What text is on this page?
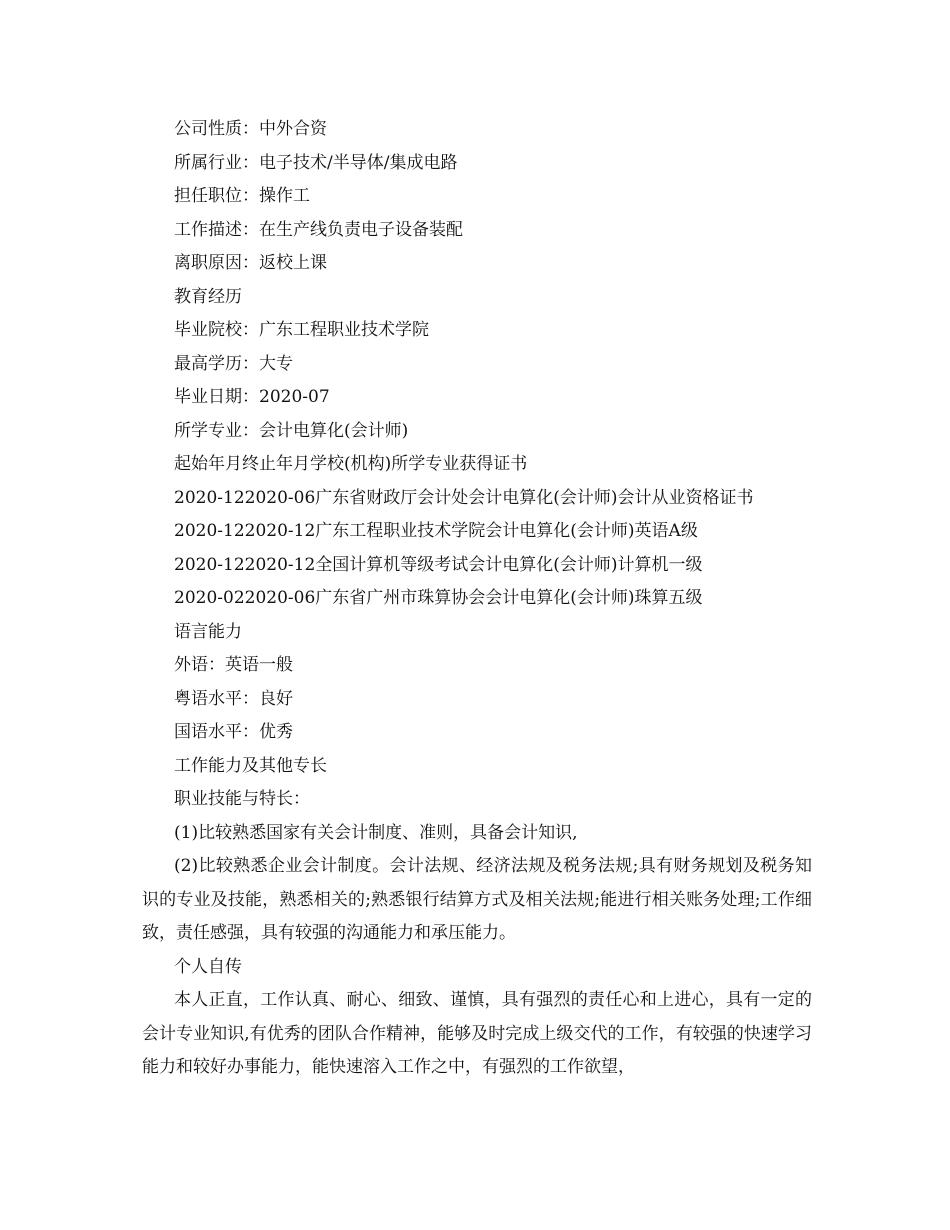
公司性质：中外合资
所属行业：电子技术/半导体/集成电路
担任职位：操作工
工作描述：在生产线负责电子设备装配
离职原因：返校上课
教育经历
毕业院校：广东工程职业技术学院
最高学历：大专
毕业日期：2020-07
所学专业：会计电算化(会计师)
起始年月终止年月学校(机构)所学专业获得证书
2020-122020-06广东省财政厅会计处会计电算化(会计师)会计从业资格证书
2020-122020-12广东工程职业技术学院会计电算化(会计师)英语A级
2020-122020-12全国计算机等级考试会计电算化(会计师)计算机一级
2020-022020-06广东省广州市珠算协会会计电算化(会计师)珠算五级
语言能力
外语：英语一般
粤语水平：良好
国语水平：优秀
工作能力及其他专长
职业技能与特长：
(1)比较熟悉国家有关会计制度、准则，具备会计知识,
(2)比较熟悉企业会计制度。会计法规、经济法规及税务法规;具有财务规划及税务知识的专业及技能，熟悉相关的;熟悉银行结算方式及相关法规;能进行相关账务处理;工作细致，责任感强，具有较强的沟通能力和承压能力。
个人自传
本人正直，工作认真、耐心、细致、谨慎，具有强烈的责任心和上进心，具有一定的会计专业知识,有优秀的团队合作精神，能够及时完成上级交代的工作，有较强的快速学习能力和较好办事能力，能快速溶入工作之中，有强烈的工作欲望，
